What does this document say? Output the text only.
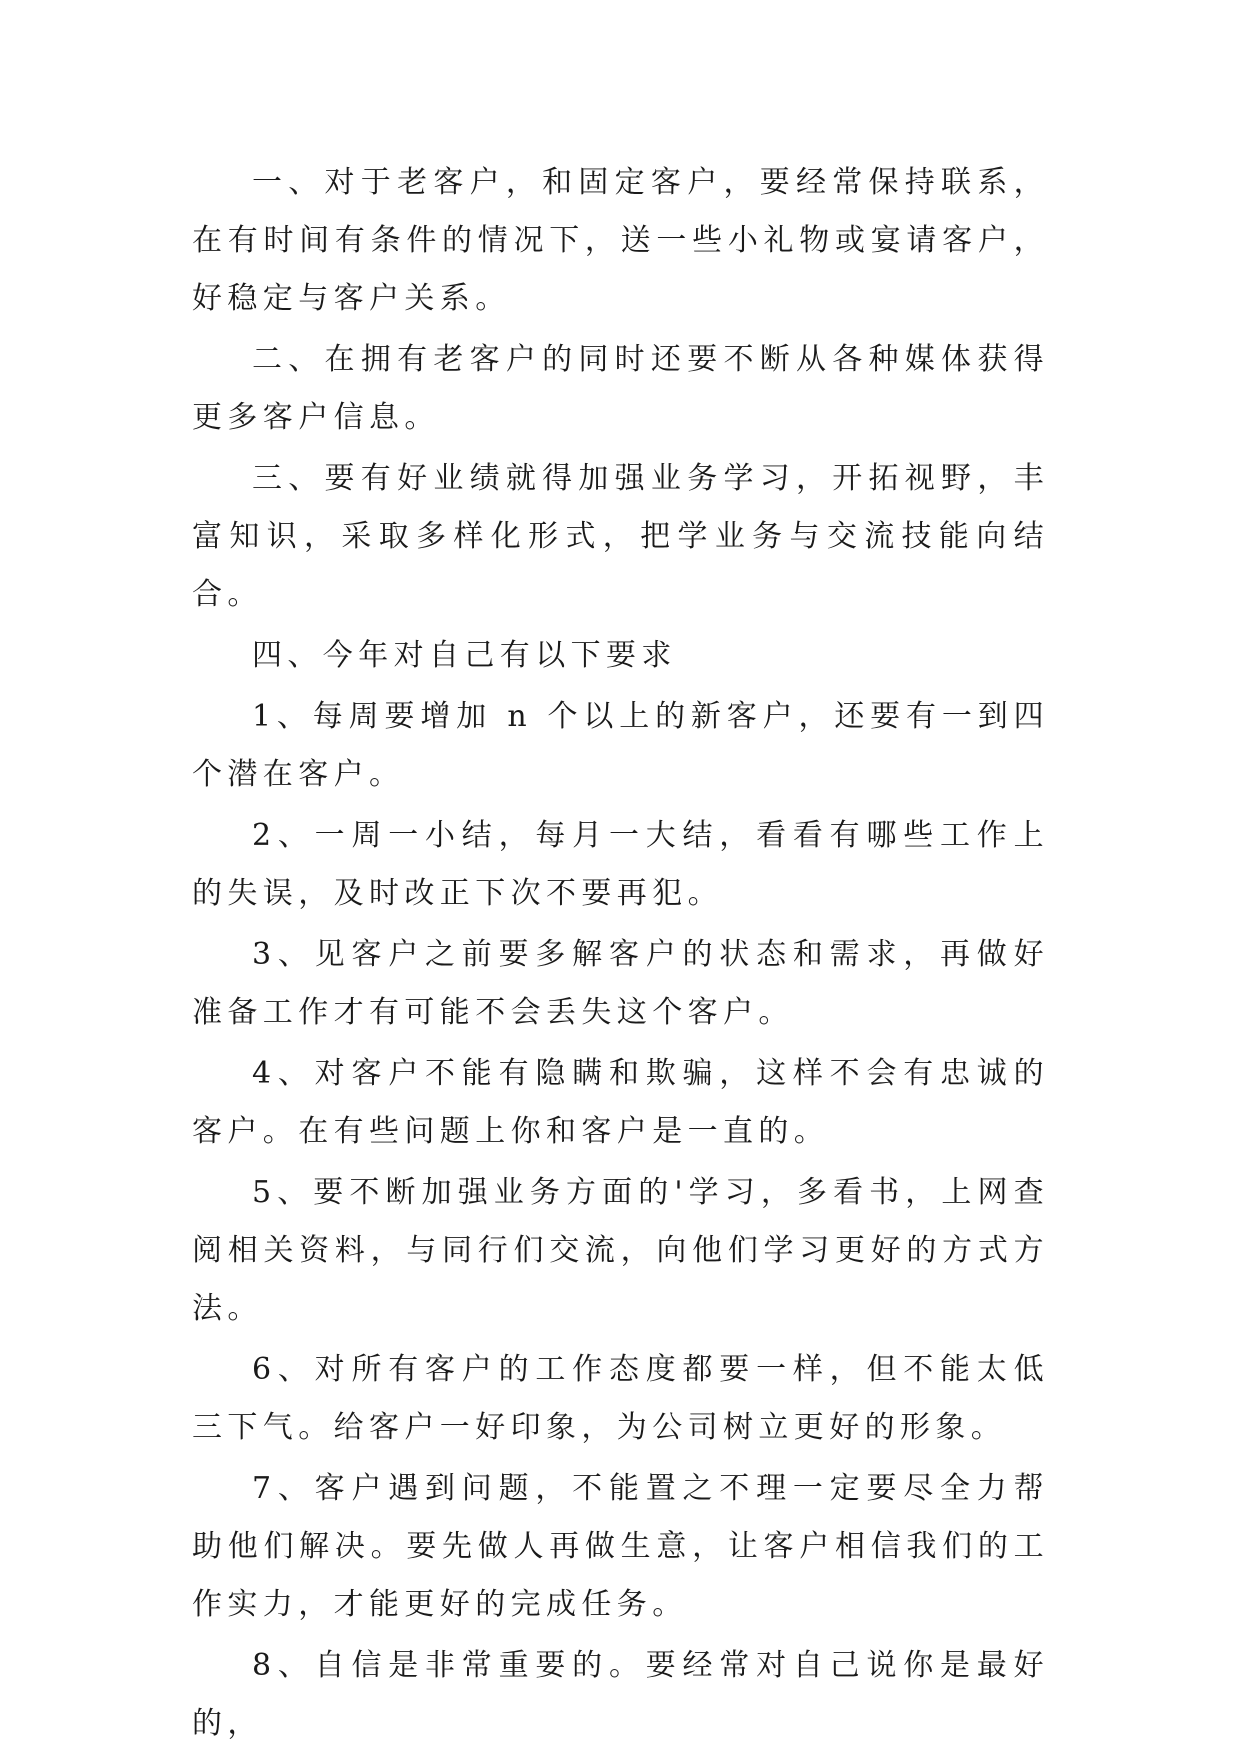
一、对于老客户，和固定客户，要经常保持联系，在有时间有条件的情况下，送一些小礼物或宴请客户，好稳定与客户关系。

二、在拥有老客户的同时还要不断从各种媒体获得更多客户信息。

三、要有好业绩就得加强业务学习，开拓视野，丰富知识，采取多样化形式，把学业务与交流技能向结合。

四、今年对自己有以下要求

1、每周要增加 n 个以上的新客户，还要有一到四个潜在客户。

2、一周一小结，每月一大结，看看有哪些工作上的失误，及时改正下次不要再犯。

3、见客户之前要多解客户的状态和需求，再做好准备工作才有可能不会丢失这个客户。

4、对客户不能有隐瞒和欺骗，这样不会有忠诚的客户。在有些问题上你和客户是一直的。

5、要不断加强业务方面的'学习，多看书，上网查阅相关资料，与同行们交流，向他们学习更好的方式方法。

6、对所有客户的工作态度都要一样，但不能太低三下气。给客户一好印象，为公司树立更好的形象。

7、客户遇到问题，不能置之不理一定要尽全力帮助他们解决。要先做人再做生意，让客户相信我们的工作实力，才能更好的完成任务。

8、自信是非常重要的。要经常对自己说你是最好的，
